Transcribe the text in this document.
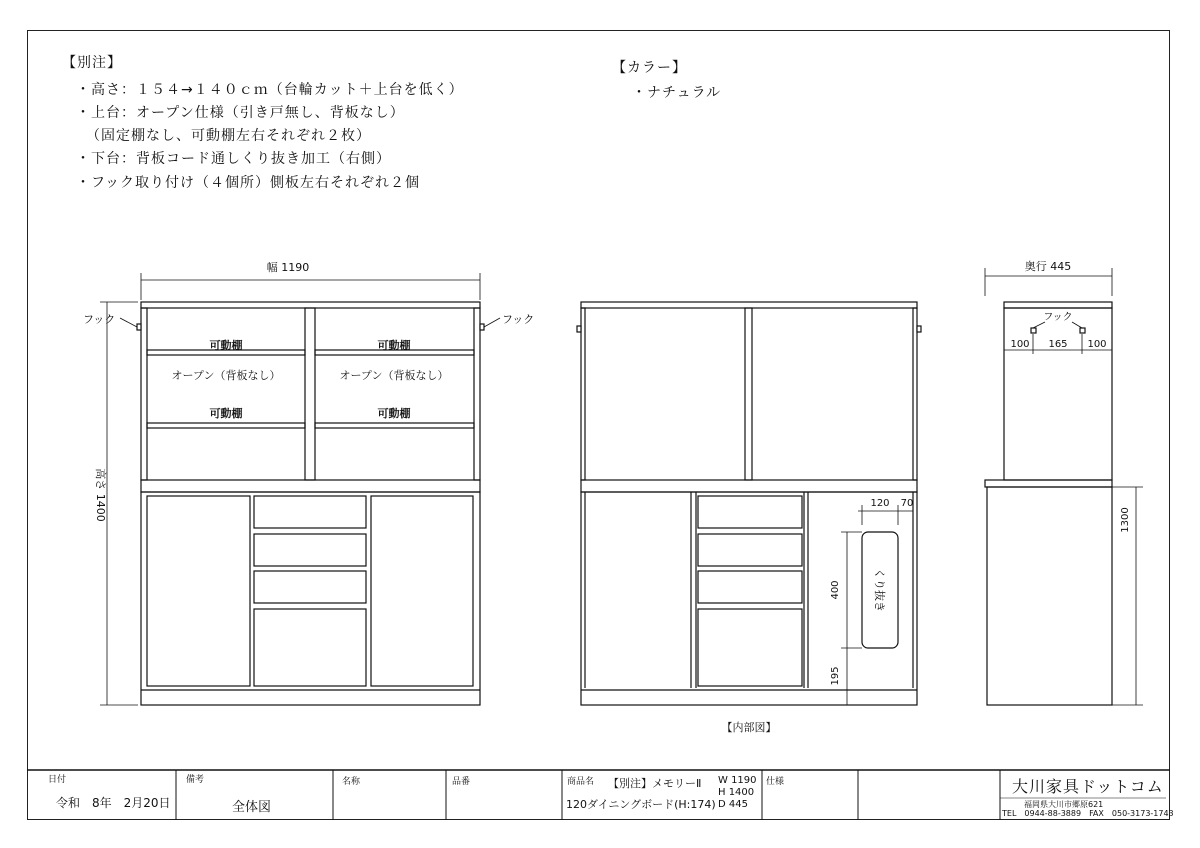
【別注】
・高さ：１５４→１４０ｃｍ（台輪カット＋上台を低く）
・上台：オープン仕様（引き戸無し、背板なし）
（固定棚なし、可動棚左右それぞれ２枚）
・下台：背板コード通しくり抜き加工（右側）
・フック取り付け（４個所）側板左右それぞれ２個
【カラー】
・ナチュラル
幅 1190
高さ 1400
フック	フック
可動棚	可動棚
オープン（背板なし）	オープン（背板なし）
可動棚	可動棚
【内部図】
くり抜き
120 70
400
195
奥行 445
フック
100 165 100
1300
日付
令和　8年　2月20日
備考
全体図
名称	品番	商品名 【別注】メモリーⅡ
120ダイニングボード(H:174)
W 1190
H 1400
D 445
仕様	大川家具ドットコム
福岡県大川市郷原621
TEL　0944-88-3889　FAX　050-3173-1743
